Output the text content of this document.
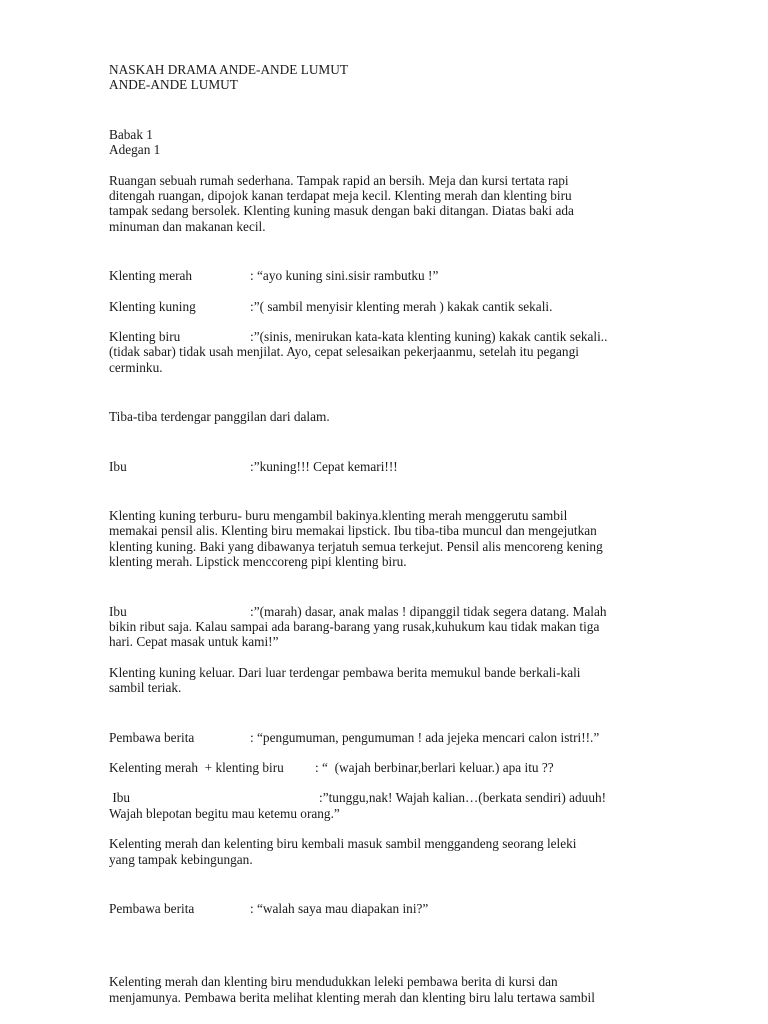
NASKAH DRAMA ANDE-ANDE LUMUT
ANDE-ANDE LUMUT
Babak 1
Adegan 1
Ruangan sebuah rumah sederhana. Tampak rapid an bersih. Meja dan kursi tertata rapi
ditengah ruangan, dipojok kanan terdapat meja kecil. Klenting merah dan klenting biru
tampak sedang bersolek. Klenting kuning masuk dengan baki ditangan. Diatas baki ada
minuman dan makanan kecil.
Klenting merah	: “ayo kuning sini.sisir rambutku !”
Klenting kuning	:”( sambil menyisir klenting merah ) kakak cantik sekali.
Klenting biru	:”(sinis, menirukan kata-kata klenting kuning) kakak cantik sekali..
(tidak sabar) tidak usah menjilat. Ayo, cepat selesaikan pekerjaanmu, setelah itu pegangi
cerminku.
Tiba-tiba terdengar panggilan dari dalam.
Ibu	:”kuning!!! Cepat kemari!!!
Klenting kuning terburu- buru mengambil bakinya.klenting merah menggerutu sambil
memakai pensil alis. Klenting biru memakai lipstick. Ibu tiba-tiba muncul dan mengejutkan
klenting kuning. Baki yang dibawanya terjatuh semua terkejut. Pensil alis mencoreng kening
klenting merah. Lipstick menccoreng pipi klenting biru.
Ibu	:”(marah) dasar, anak malas ! dipanggil tidak segera datang. Malah
bikin ribut saja. Kalau sampai ada barang-barang yang rusak,kuhukum kau tidak makan tiga
hari. Cepat masak untuk kami!”
Klenting kuning keluar. Dari luar terdengar pembawa berita memukul bande berkali-kali
sambil teriak.
Pembawa berita	: “pengumuman, pengumuman ! ada jejeka mencari calon istri!!.”
Kelenting merah  + klenting biru : “  (wajah berbinar,berlari keluar.) apa itu ??
Ibu	:”tunggu,nak! Wajah kalian…(berkata sendiri) aduuh!
Wajah blepotan begitu mau ketemu orang.”
Kelenting merah dan kelenting biru kembali masuk sambil menggandeng seorang leleki
yang tampak kebingungan.
Pembawa berita	: “walah saya mau diapakan ini?”
Kelenting merah dan klenting biru mendudukkan leleki pembawa berita di kursi dan
menjamunya. Pembawa berita melihat klenting merah dan klenting biru lalu tertawa sambil
